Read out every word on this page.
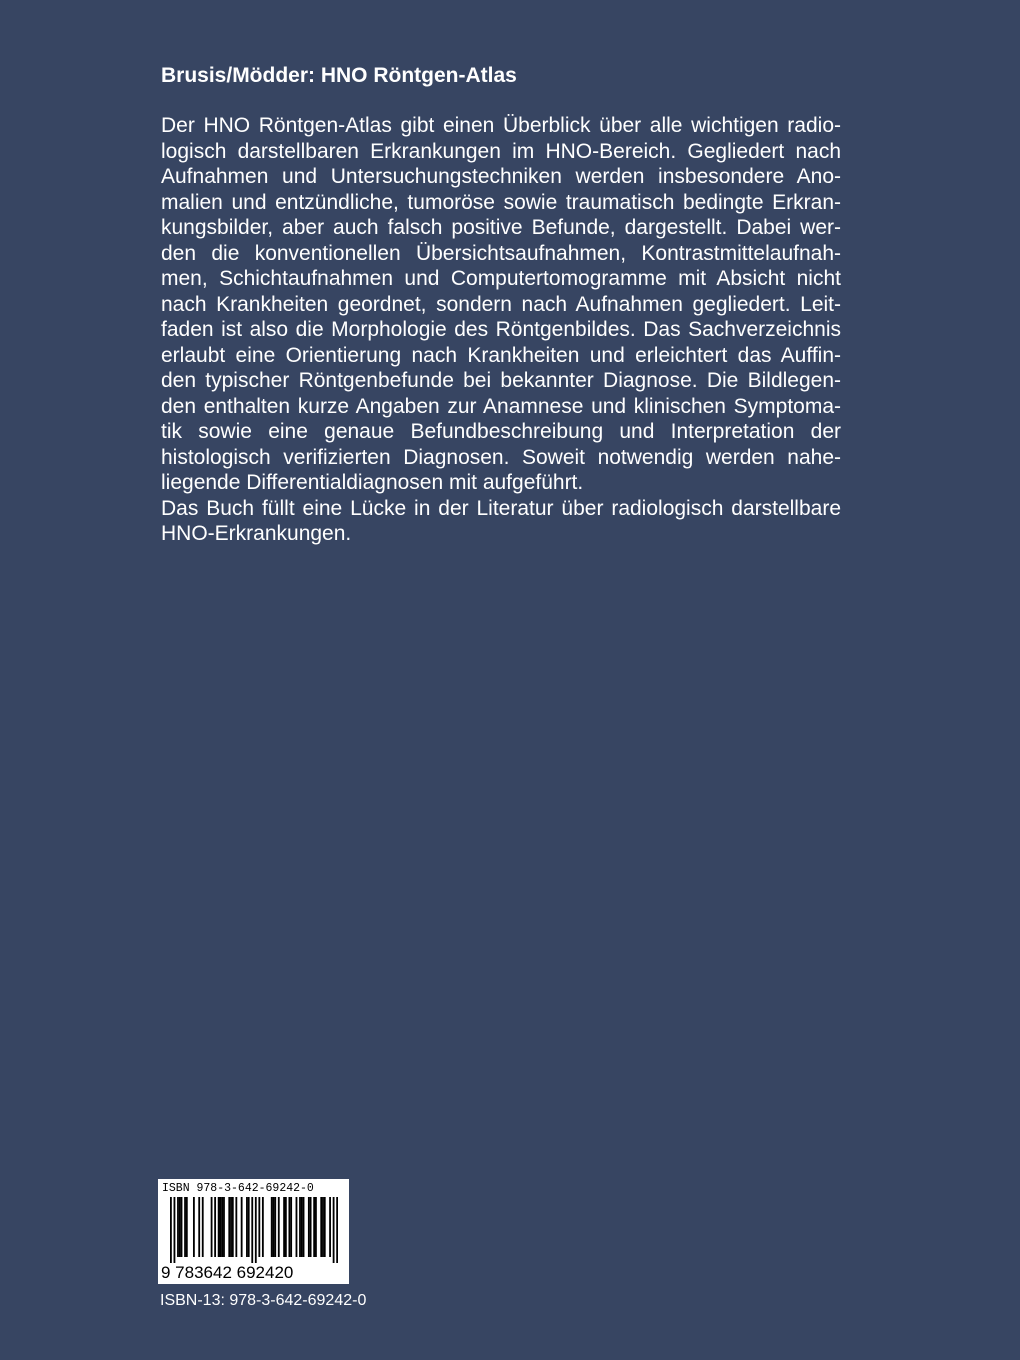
Brusis/Mödder: HNO Röntgen-Atlas
Der HNO Röntgen-Atlas gibt einen Überblick über alle wichtigen radio-
logisch darstellbaren Erkrankungen im HNO-Bereich. Gegliedert nach
Aufnahmen und Untersuchungstechniken werden insbesondere Ano-
malien und entzündliche, tumoröse sowie traumatisch bedingte Erkran-
kungsbilder, aber auch falsch positive Befunde, dargestellt. Dabei wer-
den die konventionellen Übersichtsaufnahmen, Kontrastmittelaufnah-
men, Schichtaufnahmen und Computertomogramme mit Absicht nicht
nach Krankheiten geordnet, sondern nach Aufnahmen gegliedert. Leit-
faden ist also die Morphologie des Röntgenbildes. Das Sachverzeichnis
erlaubt eine Orientierung nach Krankheiten und erleichtert das Auffin-
den typischer Röntgenbefunde bei bekannter Diagnose. Die Bildlegen-
den enthalten kurze Angaben zur Anamnese und klinischen Symptoma-
tik sowie eine genaue Befundbeschreibung und Interpretation der
histologisch verifizierten Diagnosen. Soweit notwendig werden nahe-
liegende Differentialdiagnosen mit aufgeführt.
Das Buch füllt eine Lücke in der Literatur über radiologisch darstellbare
HNO-Erkrankungen.
ISBN 978-3-642-69242-0
9 783642 692420
ISBN-13: 978-3-642-69242-0
